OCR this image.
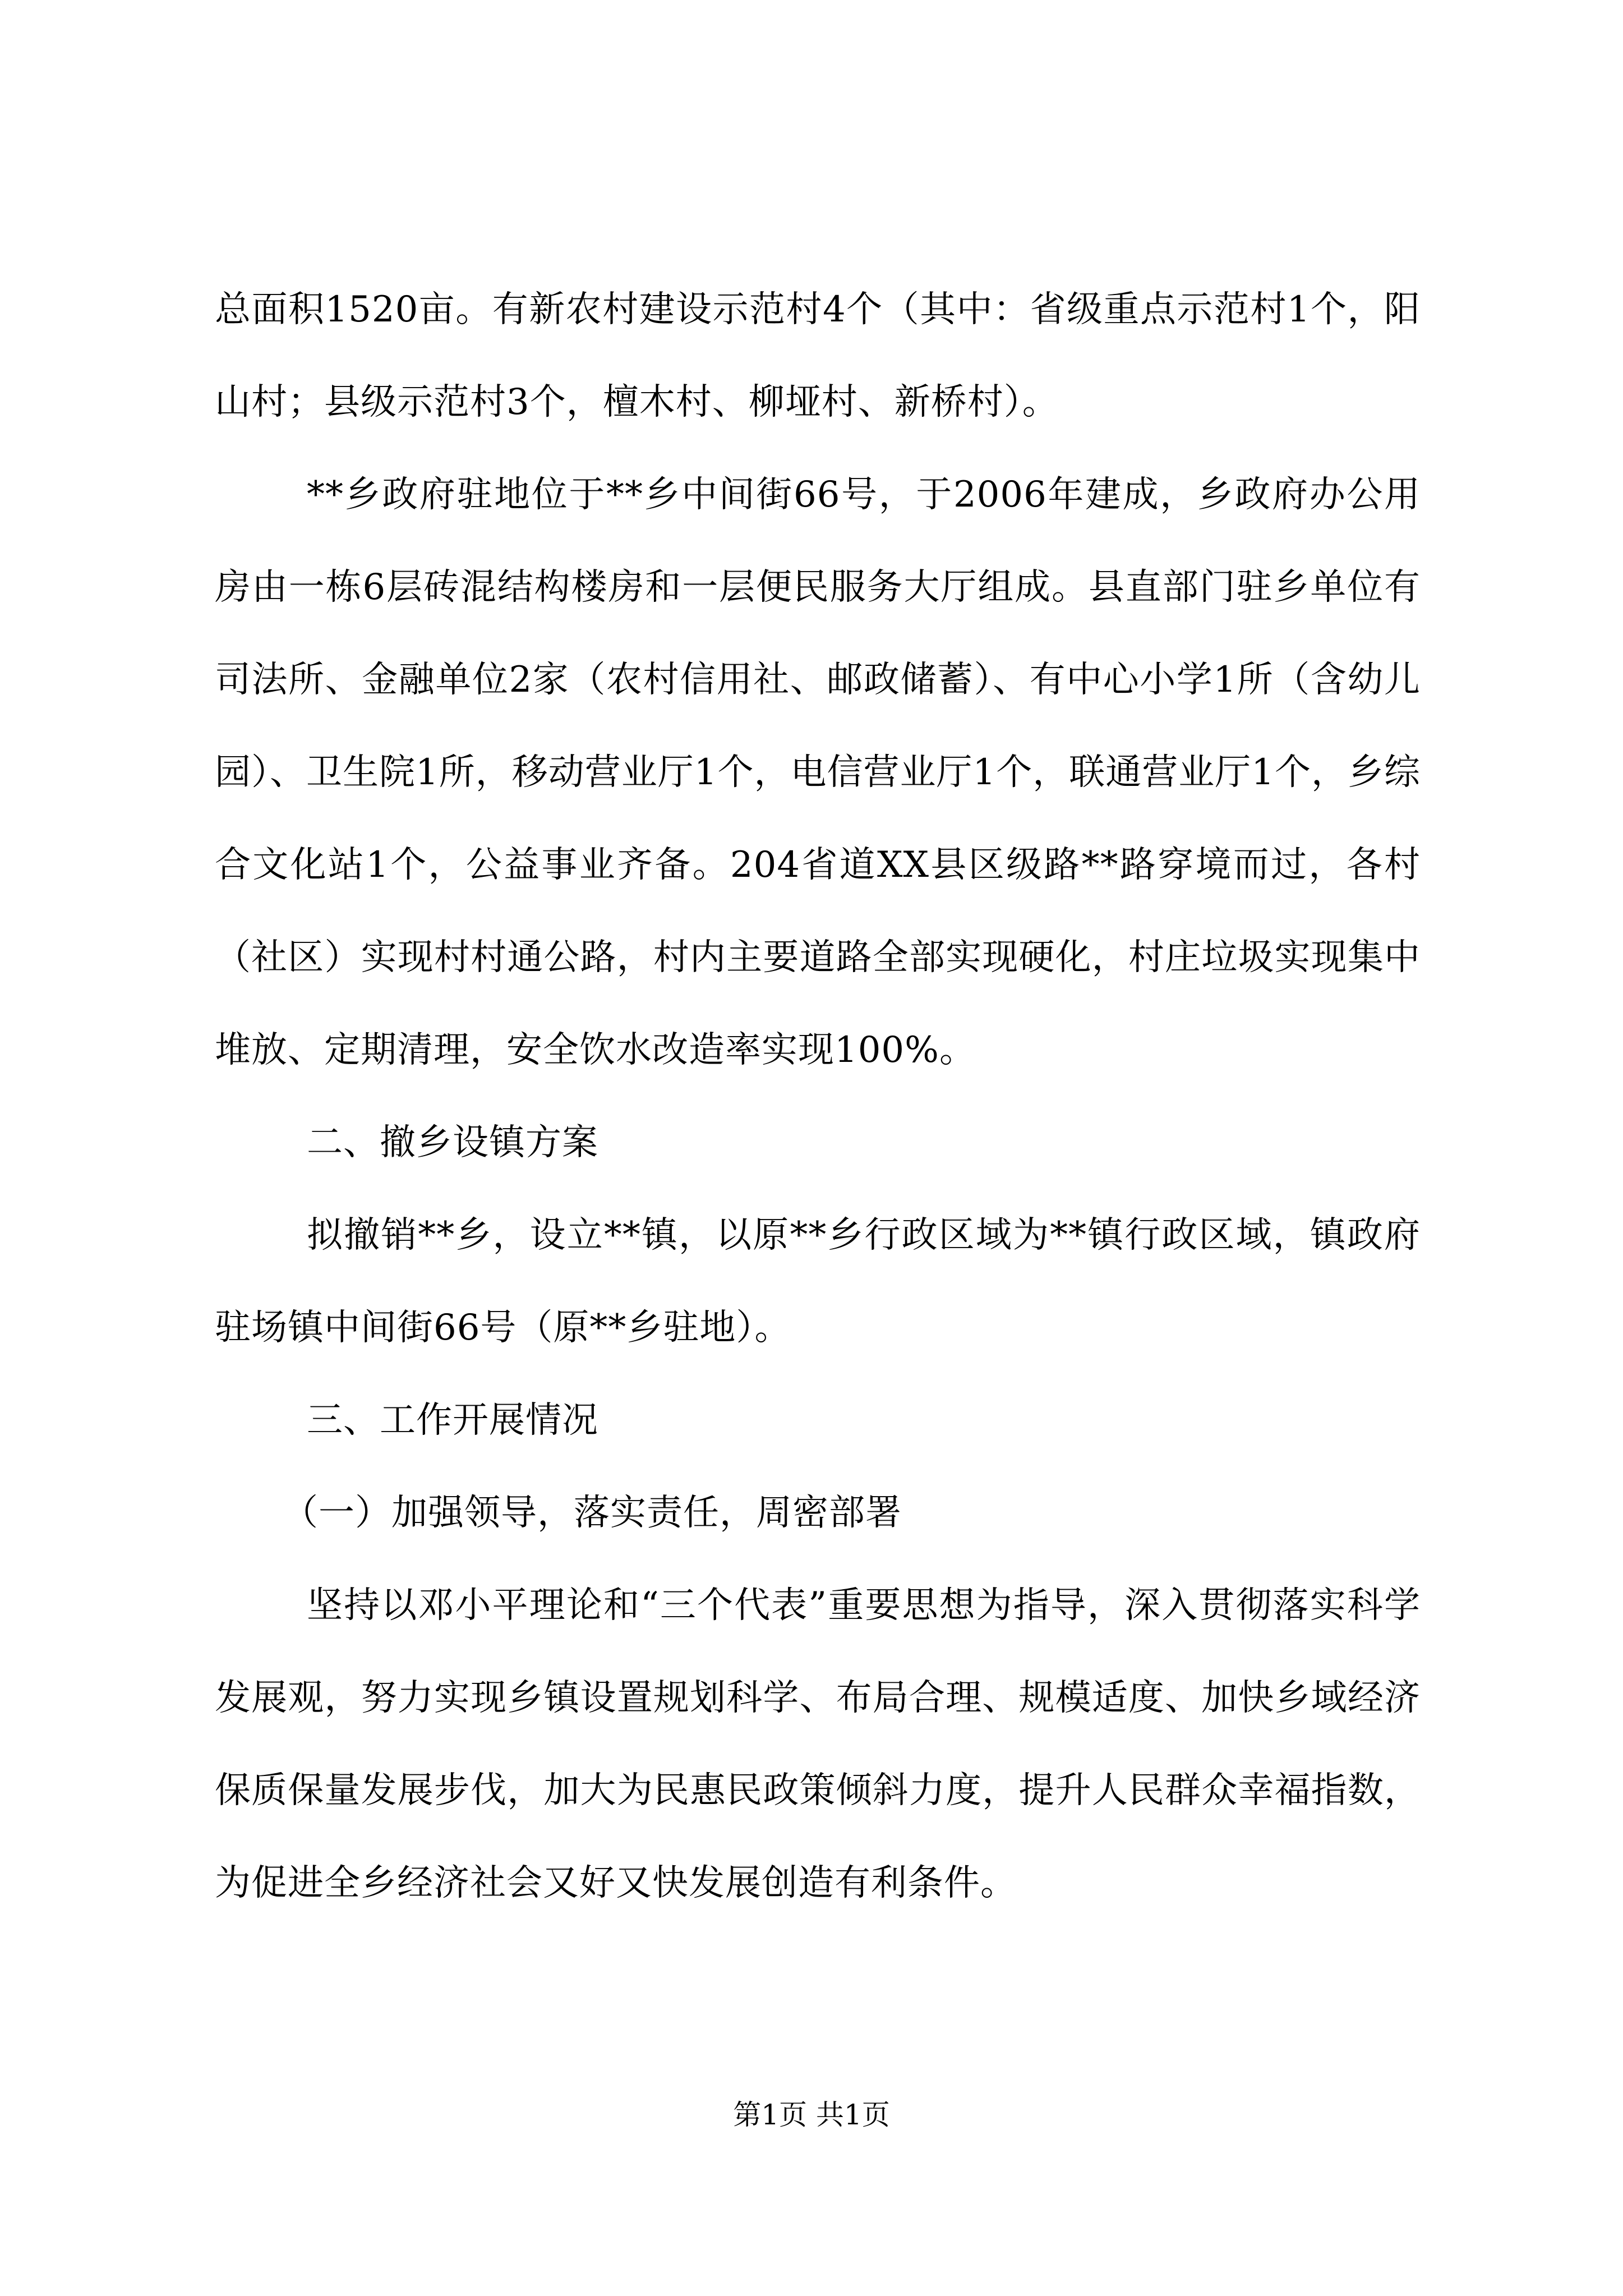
总面积1520亩。有新农村建设示范村4个（其中：省级重点示范村1个，阳山村；县级示范村3个，檀木村、柳垭村、新桥村）。

**乡政府驻地位于**乡中间街66号，于2006年建成，乡政府办公用房由一栋6层砖混结构楼房和一层便民服务大厅组成。县直部门驻乡单位有司法所、金融单位2家（农村信用社、邮政储蓄）、有中心小学1所（含幼儿园）、卫生院1所，移动营业厅1个，电信营业厅1个，联通营业厅1个，乡综合文化站1个，公益事业齐备。204省道XX县区级路**路穿境而过，各村（社区）实现村村通公路，村内主要道路全部实现硬化，村庄垃圾实现集中堆放、定期清理，安全饮水改造率实现100%。

二、撤乡设镇方案

拟撤销**乡，设立**镇，以原**乡行政区域为**镇行政区域，镇政府驻场镇中间街66号（原**乡驻地）。

三、工作开展情况

（一）加强领导，落实责任，周密部署

坚持以邓小平理论和“三个代表”重要思想为指导，深入贯彻落实科学发展观，努力实现乡镇设置规划科学、布局合理、规模适度、加快乡域经济保质保量发展步伐，加大为民惠民政策倾斜力度，提升人民群众幸福指数，为促进全乡经济社会又好又快发展创造有利条件。

第1页 共1页
